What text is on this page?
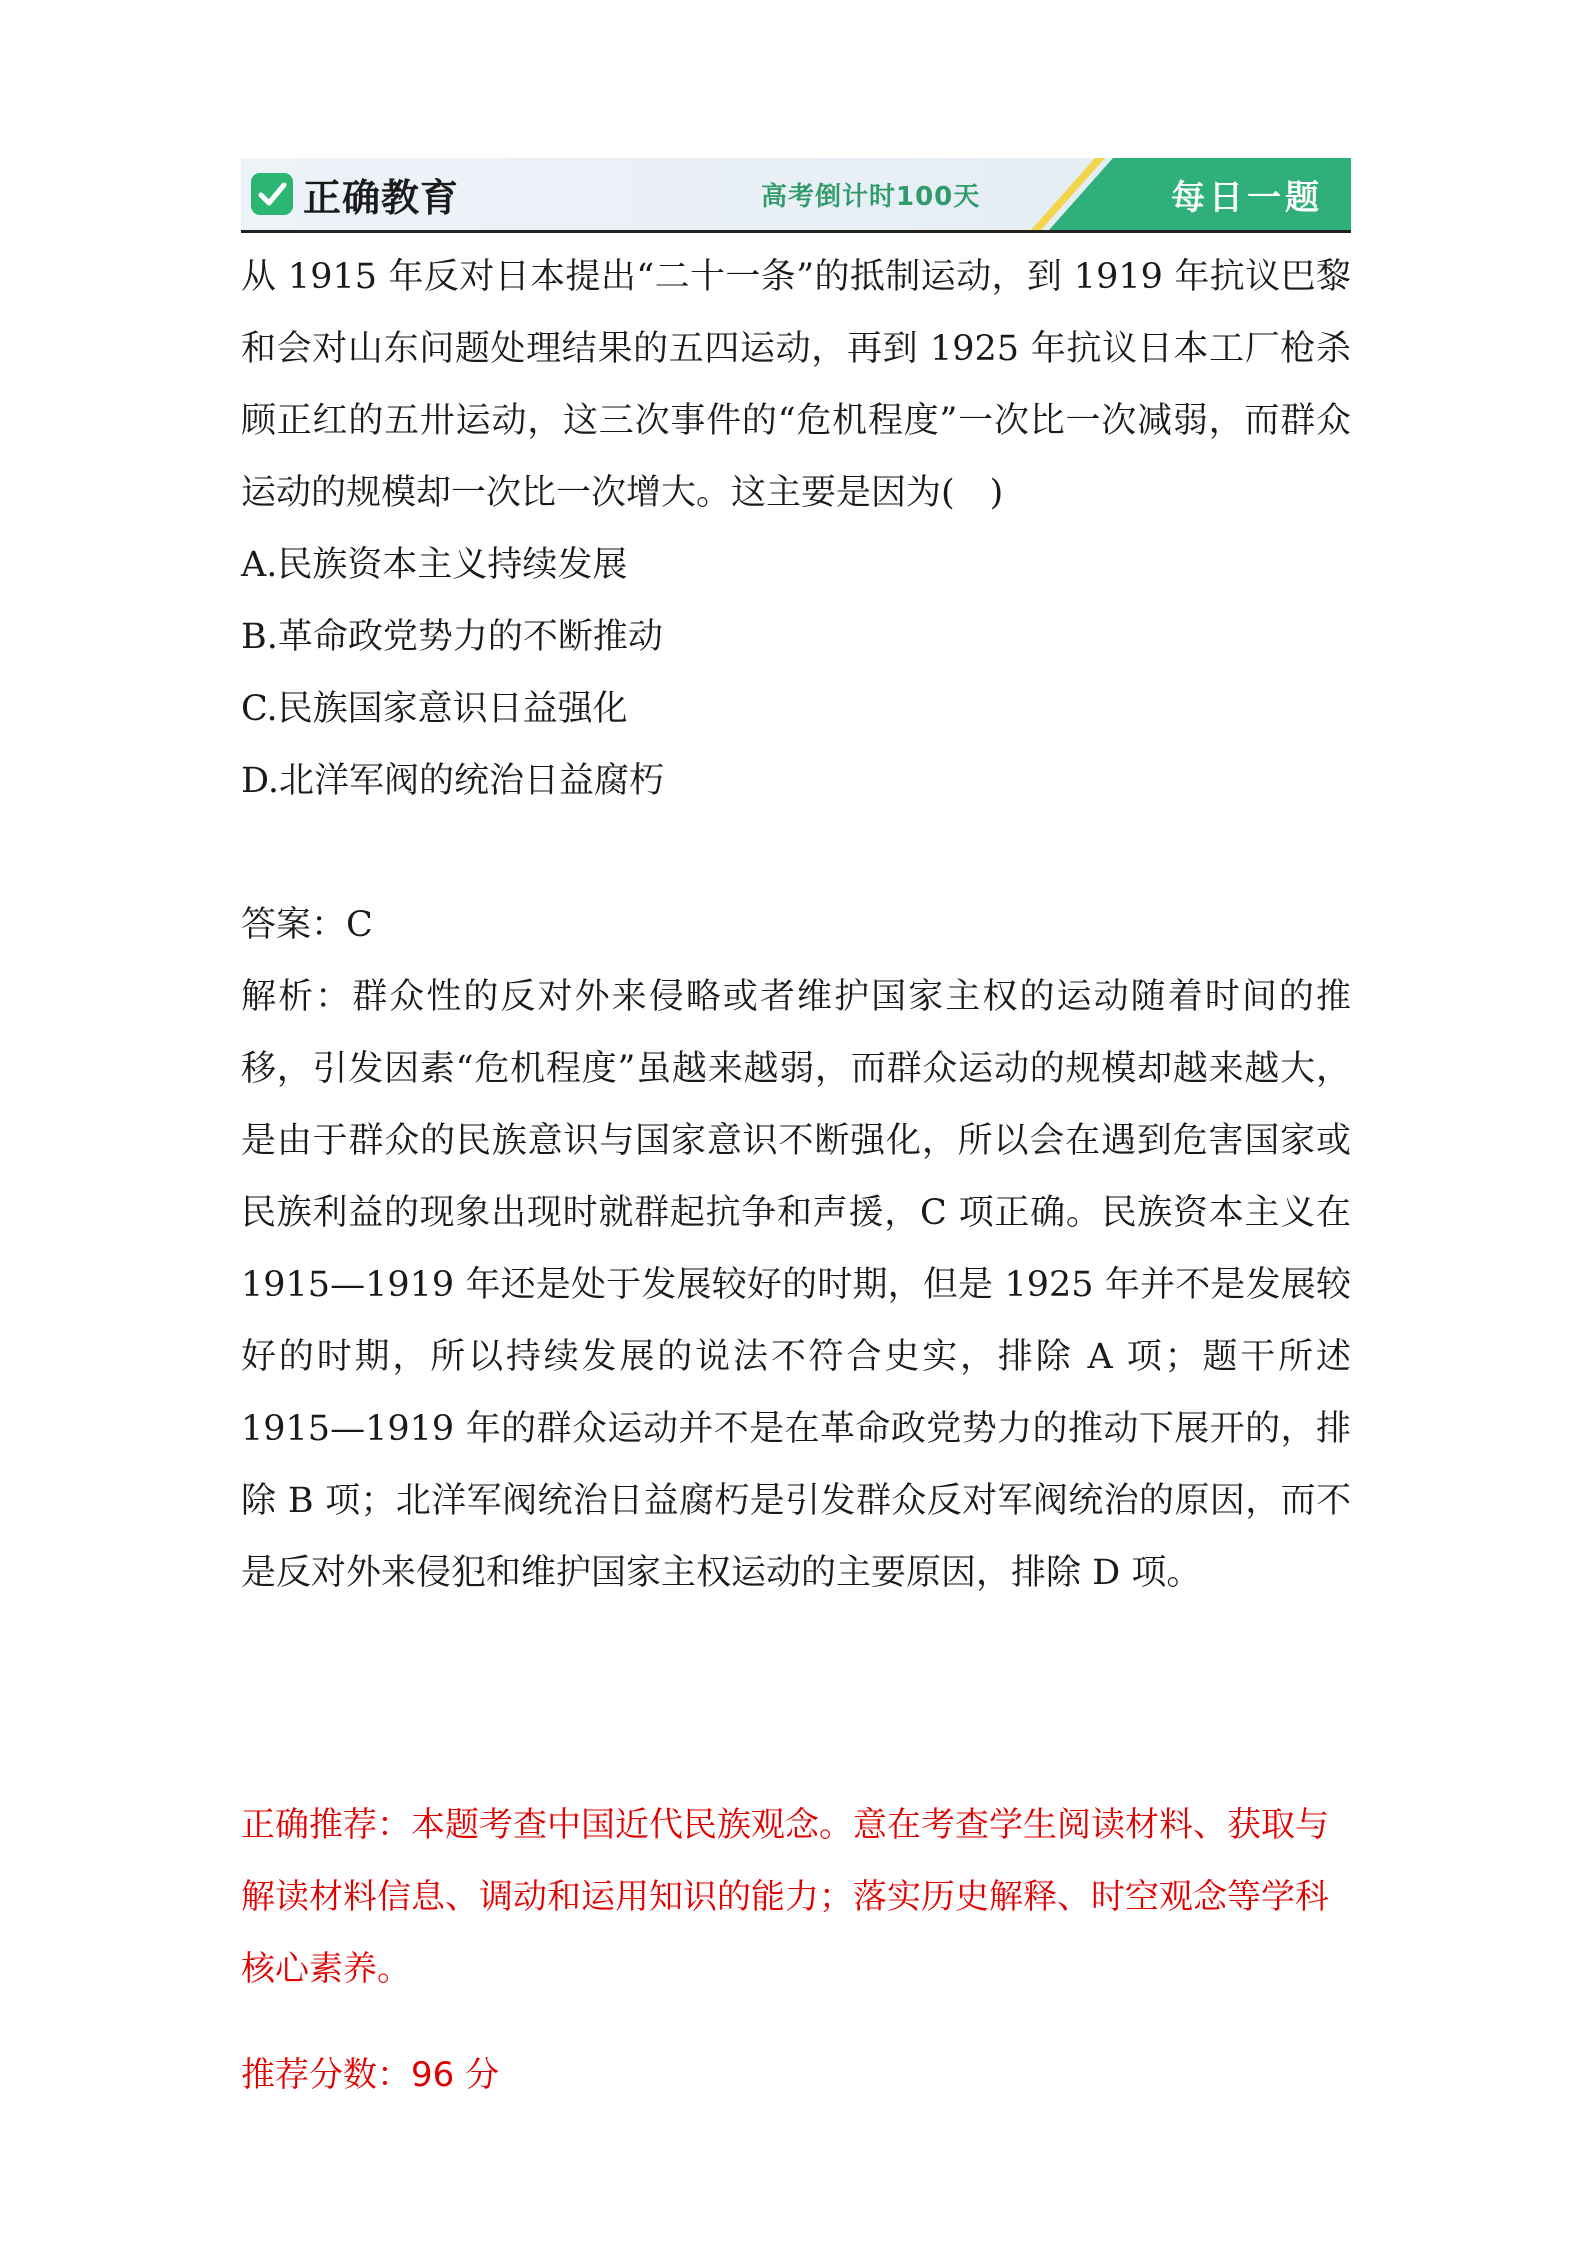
正确教育	高考倒计时100天	每日一题

从 1915 年反对日本提出“二十一条”的抵制运动，到 1919 年抗议巴黎和会对山东问题处理结果的五四运动，再到 1925 年抗议日本工厂枪杀顾正红的五卅运动，这三次事件的“危机程度”一次比一次减弱，而群众运动的规模却一次比一次增大。这主要是因为(　)

A.民族资本主义持续发展
B.革命政党势力的不断推动
C.民族国家意识日益强化
D.北洋军阀的统治日益腐朽

答案：C

解析：群众性的反对外来侵略或者维护国家主权的运动随着时间的推移，引发因素“危机程度”虽越来越弱，而群众运动的规模却越来越大，是由于群众的民族意识与国家意识不断强化，所以会在遇到危害国家或民族利益的现象出现时就群起抗争和声援，C 项正确。民族资本主义在 1915—1919 年还是处于发展较好的时期，但是 1925 年并不是发展较好的时期，所以持续发展的说法不符合史实，排除 A 项；题干所述 1915—1919 年的群众运动并不是在革命政党势力的推动下展开的，排除 B 项；北洋军阀统治日益腐朽是引发群众反对军阀统治的原因，而不是反对外来侵犯和维护国家主权运动的主要原因，排除 D 项。

正确推荐：本题考查中国近代民族观念。意在考查学生阅读材料、获取与解读材料信息、调动和运用知识的能力；落实历史解释、时空观念等学科核心素养。

推荐分数：96 分
